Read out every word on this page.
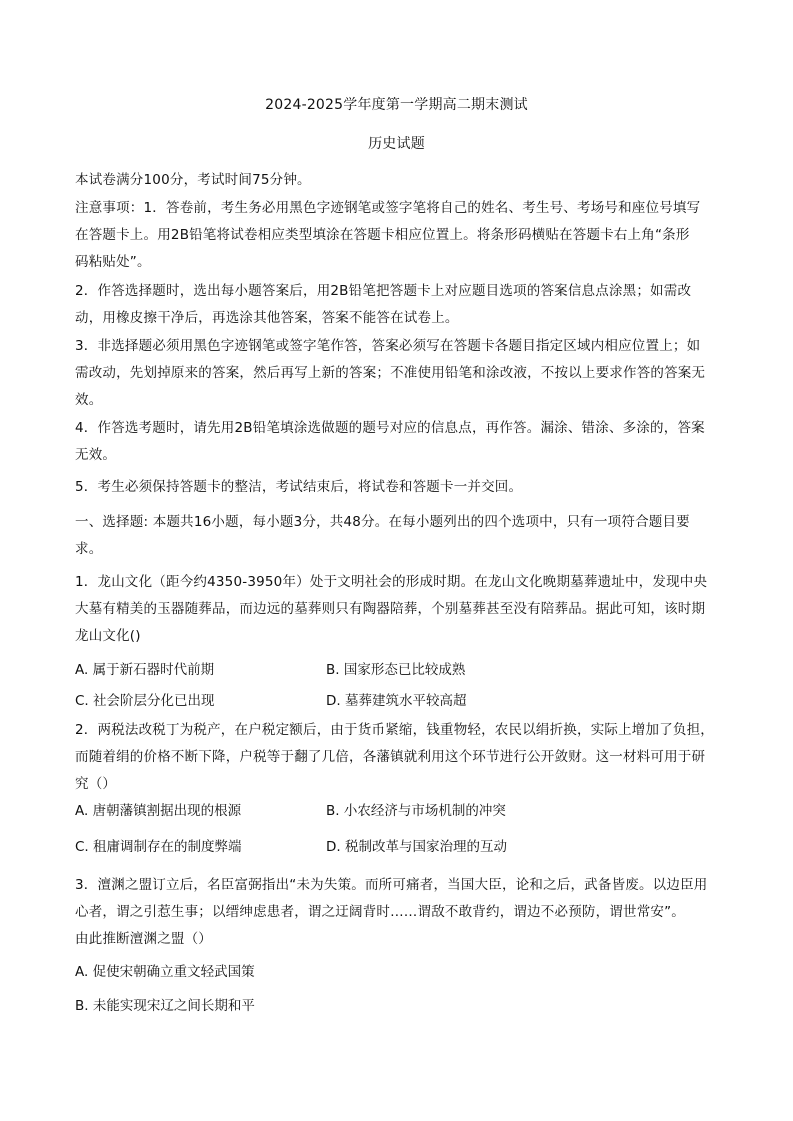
2024-2025学年度第一学期高二期末测试
历史试题
本试卷满分100分，考试时间75分钟。
注意事项：1．答卷前，考生务必用黑色字迹钢笔或签字笔将自己的姓名、考生号、考场号和座位号填写
在答题卡上。用2B铅笔将试卷相应类型填涂在答题卡相应位置上。将条形码横贴在答题卡右上角“条形
码粘贴处”。
2．作答选择题时，选出每小题答案后，用2B铅笔把答题卡上对应题目选项的答案信息点涂黑；如需改
动，用橡皮擦干净后，再选涂其他答案，答案不能答在试卷上。
3．非选择题必须用黑色字迹钢笔或签字笔作答，答案必须写在答题卡各题目指定区域内相应位置上；如
需改动，先划掉原来的答案，然后再写上新的答案；不准使用铅笔和涂改液，不按以上要求作答的答案无
效。
4．作答选考题时，请先用2B铅笔填涂选做题的题号对应的信息点，再作答。漏涂、错涂、多涂的，答案
无效。
5．考生必须保持答题卡的整洁，考试结束后，将试卷和答题卡一并交回。
一、选择题: 本题共16小题，每小题3分，共48分。在每小题列出的四个选项中，只有一项符合题目要
求。
1．龙山文化（距今约4350-3950年）处于文明社会的形成时期。在龙山文化晚期墓葬遗址中，发现中央
大墓有精美的玉器随葬品，而边远的墓葬则只有陶器陪葬，个别墓葬甚至没有陪葬品。据此可知，该时期
龙山文化()
A. 属于新石器时代前期	B. 国家形态已比较成熟
C. 社会阶层分化已出现	D. 墓葬建筑水平较高超
2．两税法改税丁为税产，在户税定额后，由于货币紧缩，钱重物轻，农民以绢折换，实际上增加了负担，
而随着绢的价格不断下降，户税等于翻了几倍，各藩镇就利用这个环节进行公开敛财。这一材料可用于研
究（）
A. 唐朝藩镇割据出现的根源	B. 小农经济与市场机制的冲突
C. 租庸调制存在的制度弊端	D. 税制改革与国家治理的互动
3．澶渊之盟订立后，名臣富弼指出“未为失策。而所可痛者，当国大臣，论和之后，武备皆废。以边臣用
心者，谓之引惹生事；以缙绅虑患者，谓之迂阔背时……谓敌不敢背约，谓边不必预防，谓世常安”。
由此推断澶渊之盟（）
A. 促使宋朝确立重文轻武国策
B. 未能实现宋辽之间长期和平
